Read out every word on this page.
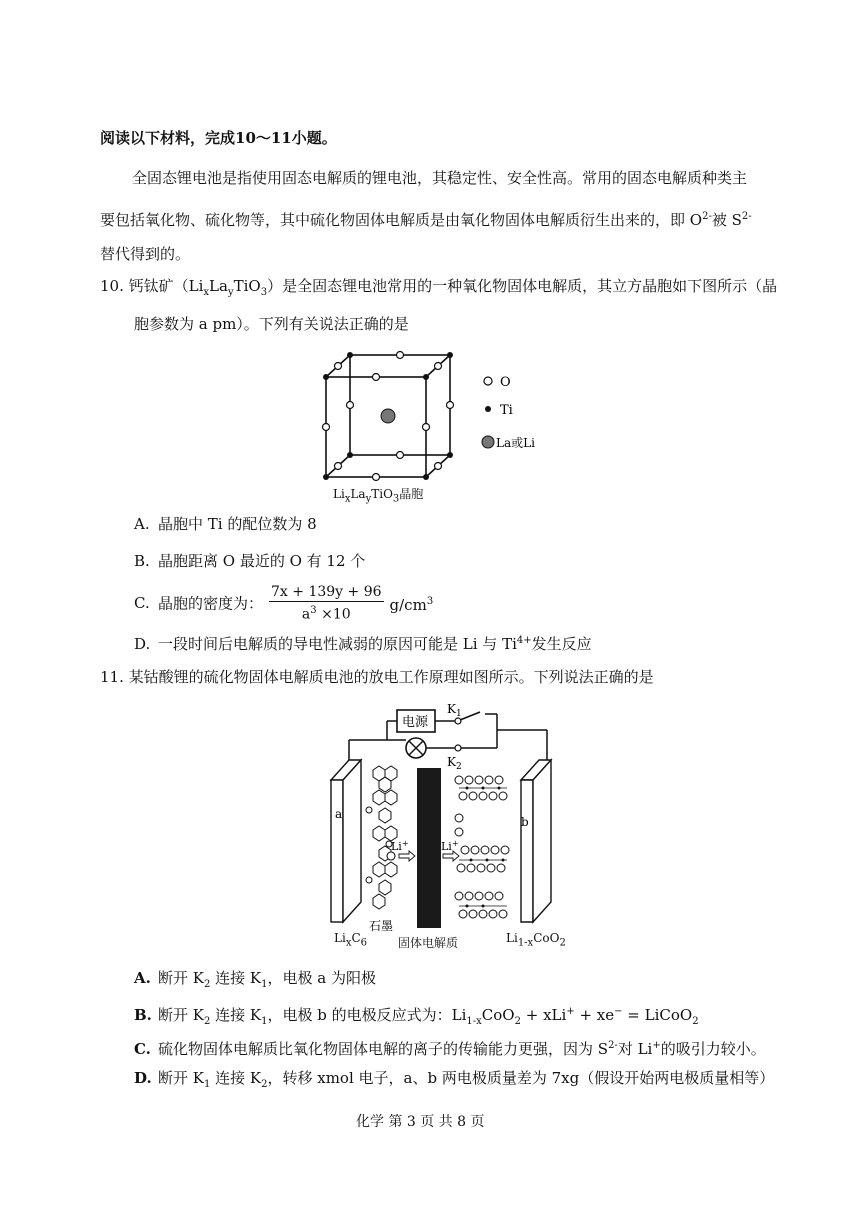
阅读以下材料，完成10～11小题。
全固态锂电池是指使用固态电解质的锂电池，其稳定性、安全性高。常用的固态电解质种类主
要包括氧化物、硫化物等，其中硫化物固体电解质是由氧化物固体电解质衍生出来的，即 $O^{2-}$被 $S^{2-}$
替代得到的。
10. 钙钛矿$(Li_xLa_yTiO_3)$是全固态锂电池常用的一种氧化物固体电解质，其立方晶胞如下图所示（晶
胞参数为 a pm）。下列有关说法正确的是
O
Ti
La或Li
$Li_xLa_yTiO_3$晶胞
A. 晶胞中 Ti 的配位数为 8
B. 晶胞距离 O 最近的 O 有 12 个
C. 晶胞的密度为： $\frac{7x + 139y + 96}{a^3 \times 10} g/cm^3$
D. 一段时间后电解质的导电性减弱的原因可能是 Li 与 $Ti^{4+}$发生反应
11. 某钴酸锂的硫化物固体电解质电池的放电工作原理如图所示。下列说法正确的是
电源
$K_1$
$K_2$
a
Li+	Li+
b
石墨
$Li_xC_6$	固体电解质	$Li_{1-x}CoO_2$
A. 断开 $K_2$ 连接 $K_1$，电极 a 为阳极
B. 断开 $K_2$ 连接 $K_1$，电极 b 的电极反应式为：$Li_{1-x}CoO_2 + xLi^+ + xe^-$ = LiCoO$_2$
C. 硫化物固体电解质比氧化物固体电解的离子的传输能力更强，因为 $S^{2-}$对 Li+的吸引力较小。
D. 断开 $K_1$ 连接 $K_2$，转移 xmol 电子，a、b 两电极质量差为 7xg（假设开始两电极质量相等）
化学 第 3 页 共 8 页
